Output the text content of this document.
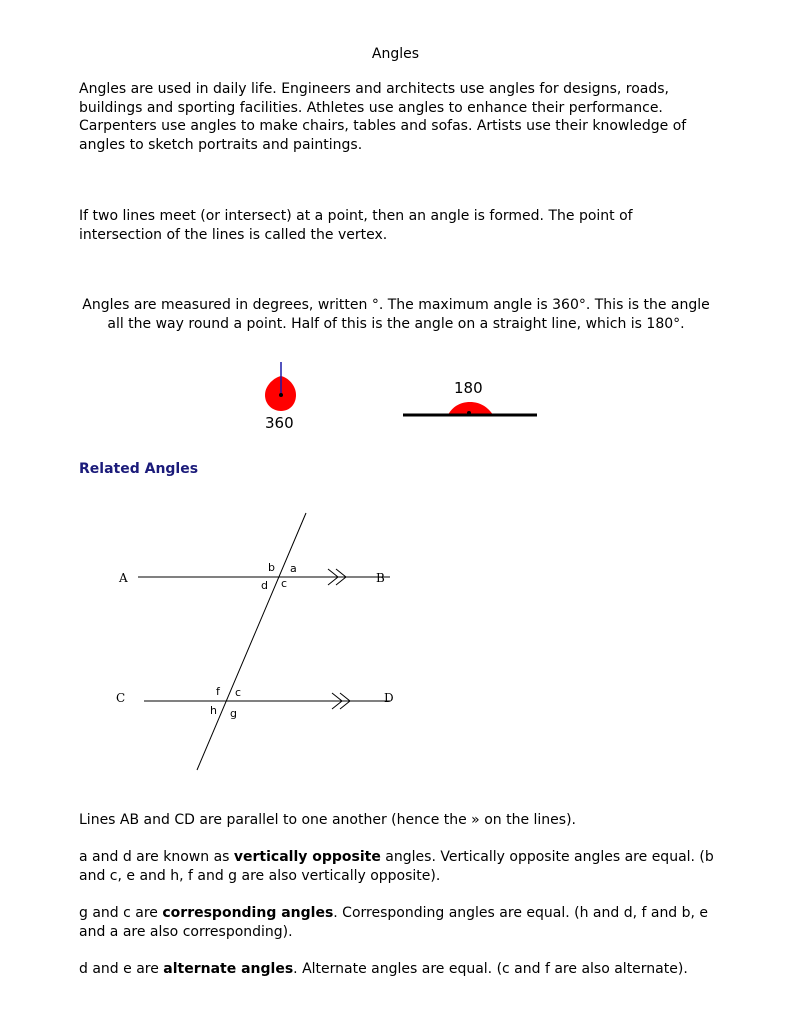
Angles

Angles are used in daily life. Engineers and architects use angles for designs, roads, buildings and sporting facilities. Athletes use angles to enhance their performance. Carpenters use angles to make chairs, tables and sofas. Artists use their knowledge of angles to sketch portraits and paintings.

If two lines meet (or intersect) at a point, then an angle is formed. The point of intersection of the lines is called the vertex.

Angles are measured in degrees, written °. The maximum angle is 360°. This is the angle all the way round a point. Half of this is the angle on a straight line, which is 180°.

360
180
Related Angles
A	B
C	D
b a
d c
f c
h g

Lines AB and CD are parallel to one another (hence the » on the lines).

a and d are known as vertically opposite angles. Vertically opposite angles are equal. (b and c, e and h, f and g are also vertically opposite).

g and c are corresponding angles. Corresponding angles are equal. (h and d, f and b, e and a are also corresponding).

d and e are alternate angles. Alternate angles are equal. (c and f are also alternate).
